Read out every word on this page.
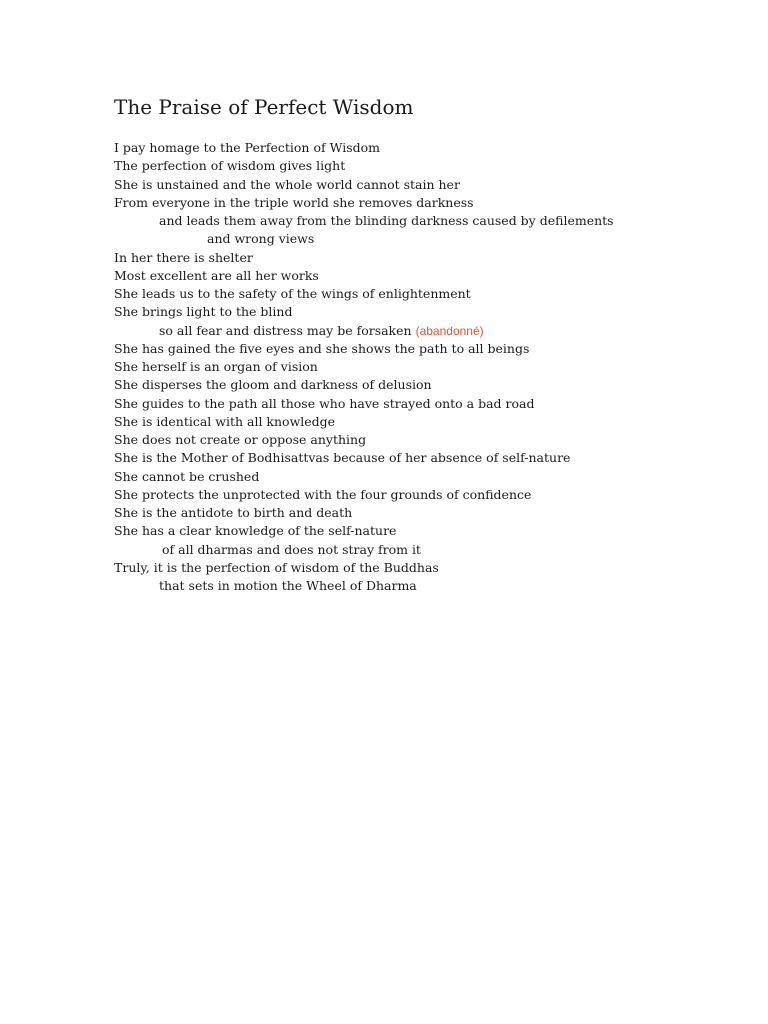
The Praise of Perfect Wisdom
I pay homage to the Perfection of Wisdom
The perfection of wisdom gives light
She is unstained and the whole world cannot stain her
From everyone in the triple world she removes darkness
and leads them away from the blinding darkness caused by defilements
and wrong views
In her there is shelter
Most excellent are all her works
She leads us to the safety of the wings of enlightenment
She brings light to the blind
so all fear and distress may be forsaken (abandonné)
She has gained the five eyes and she shows the path to all beings
She herself is an organ of vision
She disperses the gloom and darkness of delusion
She guides to the path all those who have strayed onto a bad road
She is identical with all knowledge
She does not create or oppose anything
She is the Mother of Bodhisattvas because of her absence of self-nature
She cannot be crushed
She protects the unprotected with the four grounds of confidence
She is the antidote to birth and death
She has a clear knowledge of the self-nature
of all dharmas and does not stray from it
Truly, it is the perfection of wisdom of the Buddhas
that sets in motion the Wheel of Dharma
